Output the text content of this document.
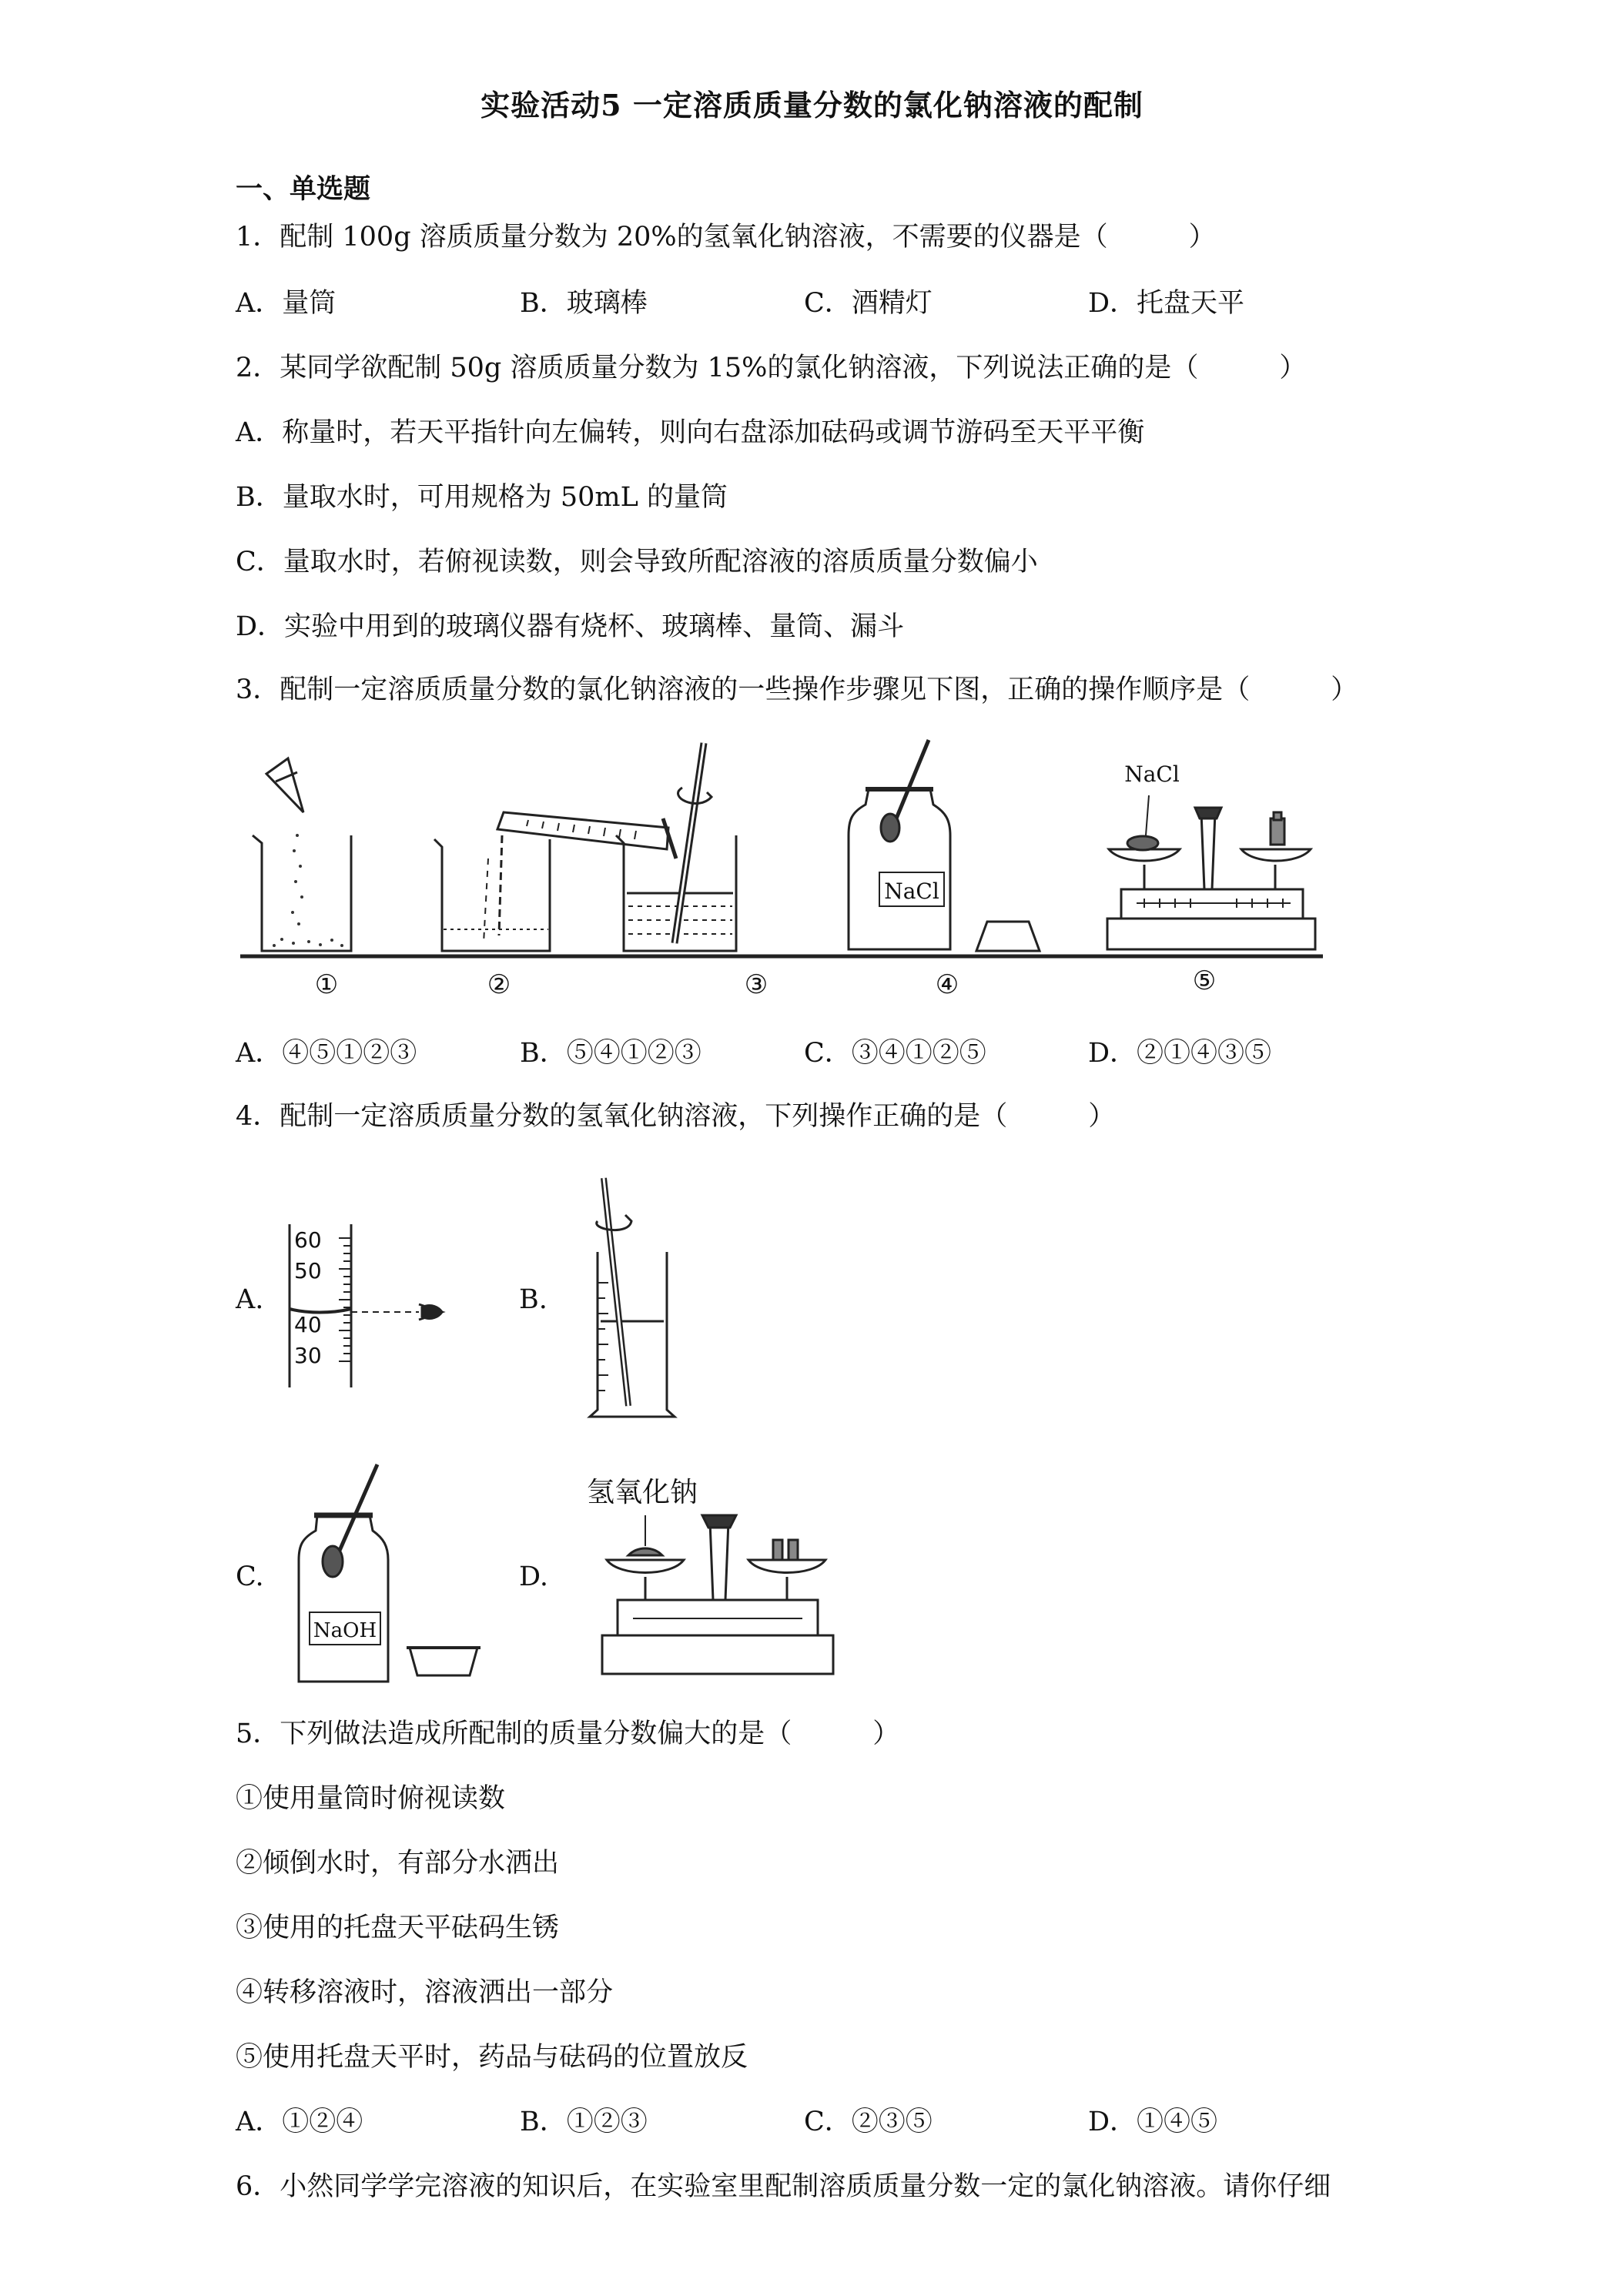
实验活动5 一定溶质质量分数的氯化钠溶液的配制
一、单选题
1．配制 100g 溶质质量分数为 20%的氢氧化钠溶液，不需要的仪器是（　　　）
A．量筒	B．玻璃棒	C．酒精灯	D．托盘天平
2．某同学欲配制 50g 溶质质量分数为 15%的氯化钠溶液，下列说法正确的是（　　　）
A．称量时，若天平指针向左偏转，则向右盘添加砝码或调节游码至天平平衡
B．量取水时，可用规格为 50mL 的量筒
C．量取水时，若俯视读数，则会导致所配溶液的溶质质量分数偏小
D．实验中用到的玻璃仪器有烧杯、玻璃棒、量筒、漏斗
3．配制一定溶质质量分数的氯化钠溶液的一些操作步骤见下图，正确的操作顺序是（　　　）
NaCl
NaCl
①	②	③	④	⑤
A．④⑤①②③	B．⑤④①②③	C．③④①②⑤	D．②①④③⑤
4．配制一定溶质质量分数的氢氧化钠溶液，下列操作正确的是（　　　）
A.
60
50
40
30
B.
C.
NaOH
D.
氢氧化钠
5．下列做法造成所配制的质量分数偏大的是（　　　）
①使用量筒时俯视读数
②倾倒水时，有部分水洒出
③使用的托盘天平砝码生锈
④转移溶液时，溶液洒出一部分
⑤使用托盘天平时，药品与砝码的位置放反
A．①②④	B．①②③	C．②③⑤	D．①④⑤
6．小然同学学完溶液的知识后，在实验室里配制溶质质量分数一定的氯化钠溶液。请你仔细
